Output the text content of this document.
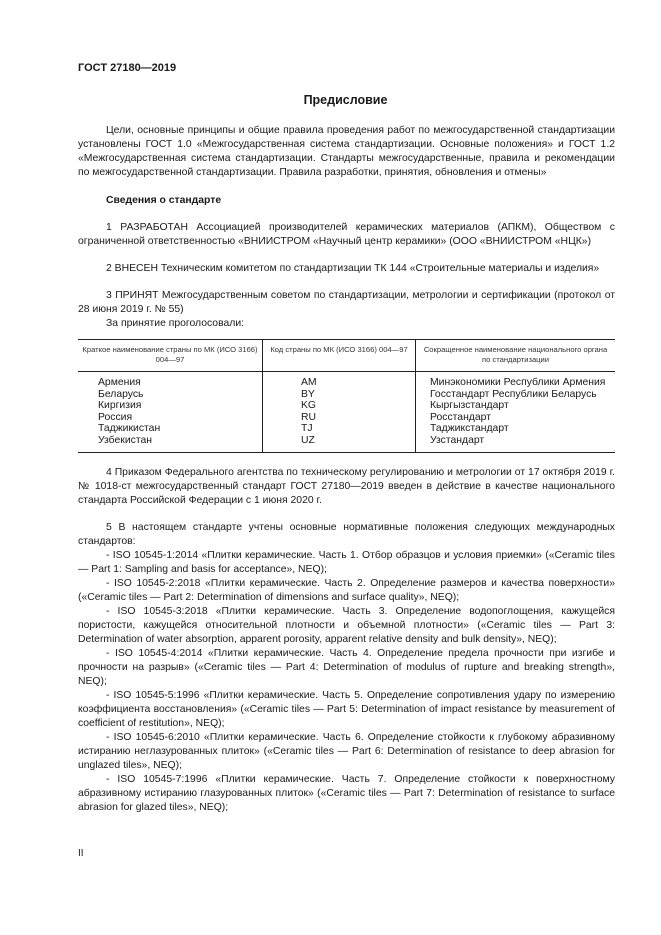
ГОСТ 27180—2019
Предисловие

Цели, основные принципы и общие правила проведения работ по межгосударственной стандартизации установлены ГОСТ 1.0 «Межгосударственная система стандартизации. Основные положения» и ГОСТ 1.2 «Межгосударственная система стандартизации. Стандарты межгосударственные, правила и рекомендации по межгосударственной стандартизации. Правила разработки, принятия, обновления и отмены»

Сведения о стандарте

1 РАЗРАБОТАН Ассоциацией производителей керамических материалов (АПКМ), Обществом с ограниченной ответственностью «ВНИИСТРОМ «Научный центр керамики» (ООО «ВНИИСТРОМ «НЦК»)

2 ВНЕСЕН Техническим комитетом по стандартизации ТК 144 «Строительные материалы и изделия»

3 ПРИНЯТ Межгосударственным советом по стандартизации, метрологии и сертификации (протокол от 28 июня 2019 г. № 55)

За принятие проголосовали:

Краткое наименование страны по МК (ИСО 3166) 004—97	Код страны по МК (ИСО 3166) 004—97	Сокращенное наименование национального органа по стандартизации
Армения	AM	Минэкономики Республики Армения
Беларусь	BY	Госстандарт Республики Беларусь
Киргизия	KG	Кыргызстандарт
Россия	RU	Росстандарт
Таджикистан	TJ	Таджикстандарт
Узбекистан	UZ	Узстандарт

4 Приказом Федерального агентства по техническому регулированию и метрологии от 17 октября 2019 г. № 1018-ст межгосударственный стандарт ГОСТ 27180—2019 введен в действие в качестве национального стандарта Российской Федерации с 1 июня 2020 г.

5 В настоящем стандарте учтены основные нормативные положения следующих международных стандартов:

- ISO 10545-1:2014 «Плитки керамические. Часть 1. Отбор образцов и условия приемки» («Ceramic tiles — Part 1: Sampling and basis for acceptance», NEQ);

- ISO 10545-2:2018 «Плитки керамические. Часть 2. Определение размеров и качества поверхности» («Ceramic tiles — Part 2: Determination of dimensions and surface quality», NEQ);

- ISO 10545-3:2018 «Плитки керамические. Часть 3. Определение водопоглощения, кажущейся пористости, кажущейся относительной плотности и объемной плотности» («Ceramic tiles — Part 3: Determination of water absorption, apparent porosity, apparent relative density and bulk density», NEQ);

- ISO 10545-4:2014 «Плитки керамические. Часть 4. Определение предела прочности при изгибе и прочности на разрыв» («Ceramic tiles — Part 4: Determination of modulus of rupture and breaking strength», NEQ);

- ISO 10545-5:1996 «Плитки керамические. Часть 5. Определение сопротивления удару по измерению коэффициента восстановления» («Ceramic tiles — Part 5: Determination of impact resistance by measurement of coefficient of restitution», NEQ);

- ISO 10545-6:2010 «Плитки керамические. Часть 6. Определение стойкости к глубокому абразивному истиранию неглазурованных плиток» («Ceramic tiles — Part 6: Determination of resistance to deep abrasion for unglazed tiles», NEQ);

- ISO 10545-7:1996 «Плитки керамические. Часть 7. Определение стойкости к поверхностному абразивному истиранию глазурованных плиток» («Ceramic tiles — Part 7: Determination of resistance to surface abrasion for glazed tiles», NEQ);

II
